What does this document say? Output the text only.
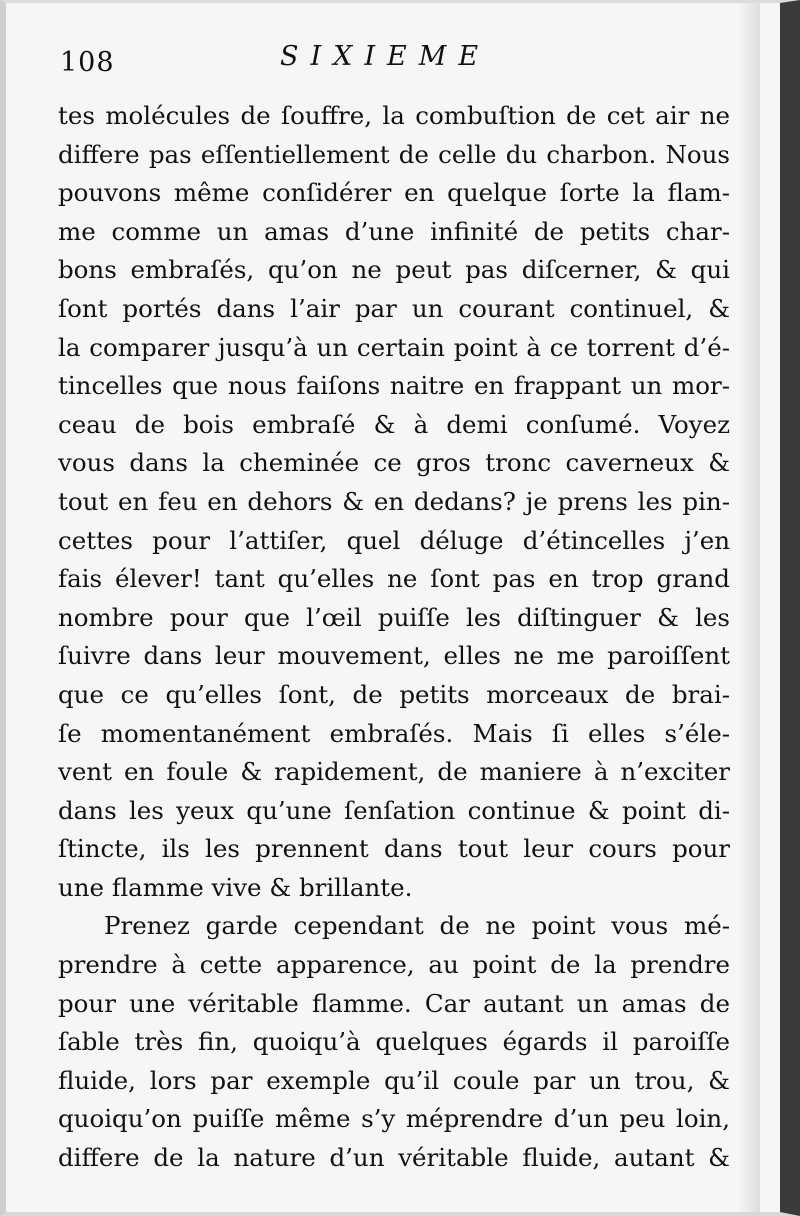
108	SIXIEME
tes molécules de ſouffre, la combuſtion de cet air ne
differe pas eſſentiellement de celle du charbon. Nous
pouvons même conſidérer en quelque ſorte la flam-
me comme un amas d’une infinité de petits char-
bons embraſés, qu’on ne peut pas diſcerner, & qui
ſont portés dans l’air par un courant continuel, &
la comparer jusqu’à un certain point à ce torrent d’é-
tincelles que nous faiſons naitre en frappant un mor-
ceau de bois embraſé & à demi conſumé. Voyez
vous dans la cheminée ce gros tronc caverneux &
tout en feu en dehors & en dedans? je prens les pin-
cettes pour l’attiſer, quel déluge d’étincelles j’en
fais élever! tant qu’elles ne ſont pas en trop grand
nombre pour que l’œil puiſſe les diſtinguer & les
ſuivre dans leur mouvement, elles ne me paroiſſent
que ce qu’elles ſont, de petits morceaux de brai-
ſe momentanément embraſés. Mais ſi elles s’éle-
vent en foule & rapidement, de maniere à n’exciter
dans les yeux qu’une ſenſation continue & point di-
ſtincte, ils les prennent dans tout leur cours pour
une flamme vive & brillante.
Prenez garde cependant de ne point vous mé-
prendre à cette apparence, au point de la prendre
pour une véritable flamme. Car autant un amas de
ſable très fin, quoiqu’à quelques égards il paroiſſe
fluide, lors par exemple qu’il coule par un trou, &
quoiqu’on puiſſe même s’y méprendre d’un peu loin,
differe de la nature d’un véritable fluide, autant &
